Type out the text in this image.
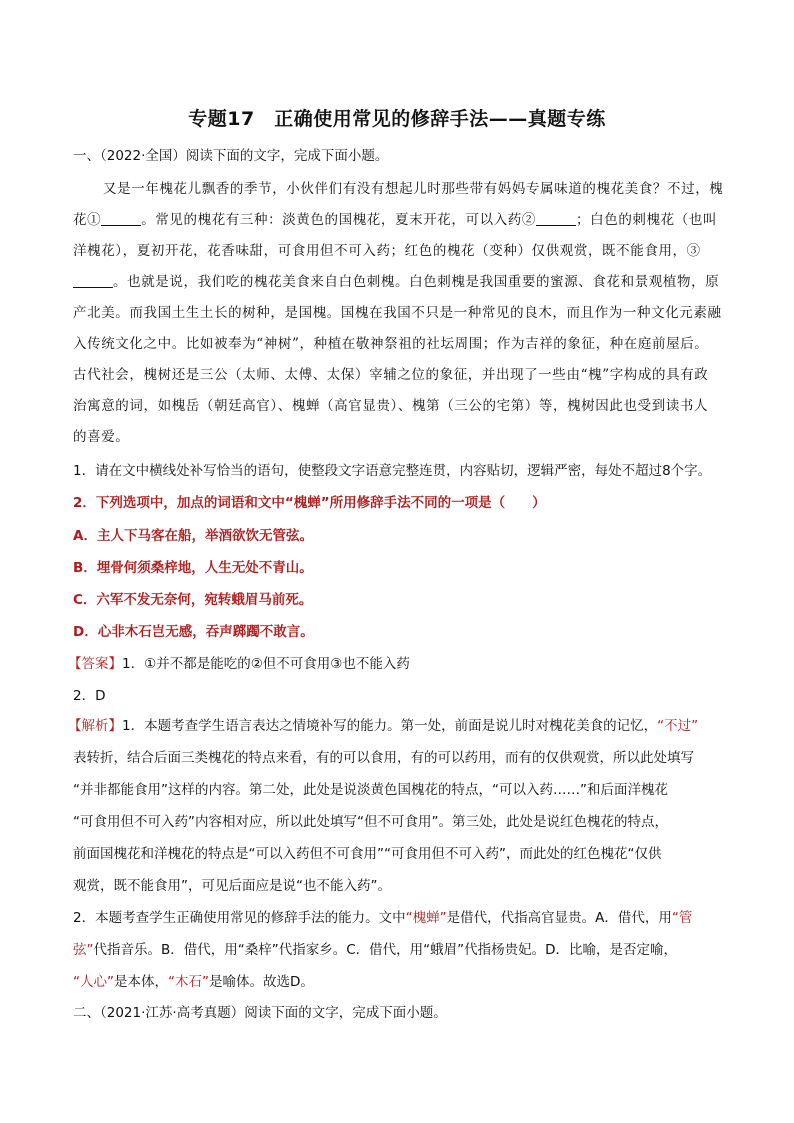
专题17　正确使用常见的修辞手法——真题专练
一、（2022·全国）阅读下面的文字，完成下面小题。
又是一年槐花儿飘香的季节，小伙伴们有没有想起儿时那些带有妈妈专属味道的槐花美食？不过，槐
花①	。常见的槐花有三种：淡黄色的国槐花，夏末开花，可以入药②	；白色的刺槐花（也叫
洋槐花），夏初开花，花香味甜，可食用但不可入药；红色的槐花（变种）仅供观赏，既不能食用，③
。也就是说，我们吃的槐花美食来自白色刺槐。白色刺槐是我国重要的蜜源、食花和景观植物，原
产北美。而我国土生土长的树种，是国槐。国槐在我国不只是一种常见的良木，而且作为一种文化元素融
入传统文化之中。比如被奉为“神树”，种植在敬神祭祖的社坛周围；作为吉祥的象征，种在庭前屋后。
古代社会，槐树还是三公（太师、太傅、太保）宰辅之位的象征，并出现了一些由“槐”字构成的具有政
治寓意的词，如槐岳（朝廷高官）、槐蝉（高官显贵）、槐第（三公的宅第）等，槐树因此也受到读书人
的喜爱。
1．请在文中横线处补写恰当的语句，使整段文字语意完整连贯，内容贴切，逻辑严密，每处不超过8个字。
2．下列选项中，加点的词语和文中“槐蝉”所用修辞手法不同的一项是（　　）
A．主人下马客在船，举酒欲饮无管弦。
B．埋骨何须桑梓地，人生无处不青山。
C．六军不发无奈何，宛转蛾眉马前死。
D．心非木石岂无感，吞声踯躅不敢言。
【答案】1．①并不都是能吃的②但不可食用③也不能入药
2．D
【解析】1．本题考查学生语言表达之情境补写的能力。第一处，前面是说儿时对槐花美食的记忆，“不过”
表转折，结合后面三类槐花的特点来看，有的可以食用，有的可以药用，而有的仅供观赏，所以此处填写
“并非都能食用”这样的内容。第二处，此处是说淡黄色国槐花的特点，“可以入药……”和后面洋槐花
“可食用但不可入药”内容相对应，所以此处填写“但不可食用”。第三处，此处是说红色槐花的特点，
前面国槐花和洋槐花的特点是“可以入药但不可食用”“可食用但不可入药”，而此处的红色槐花“仅供
观赏，既不能食用”，可见后面应是说“也不能入药”。
2．本题考查学生正确使用常见的修辞手法的能力。文中“槐蝉”是借代，代指高官显贵。A．借代，用“管
弦”代指音乐。B．借代，用“桑梓”代指家乡。C．借代，用“蛾眉”代指杨贵妃。D．比喻，是否定喻，
“人心”是本体，“木石”是喻体。故选D。
二、（2021·江苏·高考真题）阅读下面的文字，完成下面小题。
